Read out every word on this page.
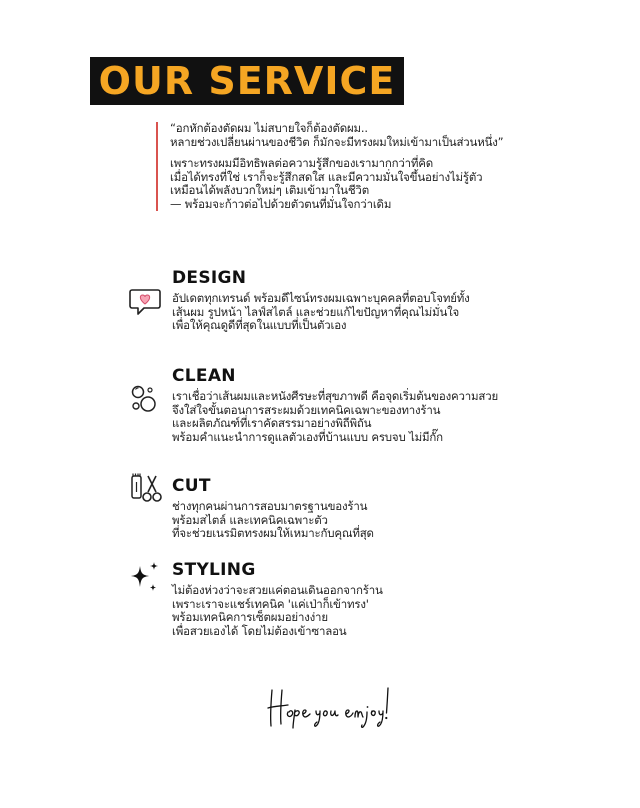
OUR SERVICE
“อกหักต้องตัดผม ไม่สบายใจก็ต้องตัดผม..
หลายช่วงเปลี่ยนผ่านของชีวิต ก็มักจะมีทรงผมใหม่เข้ามาเป็นส่วนหนึ่ง”
เพราะทรงผมมีอิทธิพลต่อความรู้สึกของเรามากกว่าที่คิด
เมื่อได้ทรงที่ใช่ เราก็จะรู้สึกสดใส และมีความมั่นใจขึ้นอย่างไม่รู้ตัว
เหมือนได้พลังบวกใหม่ๆ เติมเข้ามาในชีวิต
— พร้อมจะก้าวต่อไปด้วยตัวตนที่มั่นใจกว่าเดิม
DESIGN
อัปเดตทุกเทรนด์ พร้อมดีไซน์ทรงผมเฉพาะบุคคลที่ตอบโจทย์ทั้ง
เส้นผม รูปหน้า ไลฟ์สไตล์ และช่วยแก้ไขปัญหาที่คุณไม่มั่นใจ
เพื่อให้คุณดูดีที่สุดในแบบที่เป็นตัวเอง
CLEAN
เราเชื่อว่าเส้นผมและหนังศีรษะที่สุขภาพดี คือจุดเริ่มต้นของความสวย
จึงใส่ใจขั้นตอนการสระผมด้วยเทคนิคเฉพาะของทางร้าน
และผลิตภัณฑ์ที่เราคัดสรรมาอย่างพิถีพิถัน
พร้อมคำแนะนำการดูแลตัวเองที่บ้านแบบ ครบจบ ไม่มีกั๊ก
CUT
ช่างทุกคนผ่านการสอบมาตรฐานของร้าน
พร้อมสไตล์ และเทคนิคเฉพาะตัว
ที่จะช่วยเนรมิตทรงผมให้เหมาะกับคุณที่สุด
STYLING
ไม่ต้องห่วงว่าจะสวยแค่ตอนเดินออกจากร้าน
เพราะเราจะแชร์เทคนิค 'แค่เป่าก็เข้าทรง'
พร้อมเทคนิคการเซ็ตผมอย่างง่าย
เพื่อสวยเองได้ โดยไม่ต้องเข้าซาลอน
